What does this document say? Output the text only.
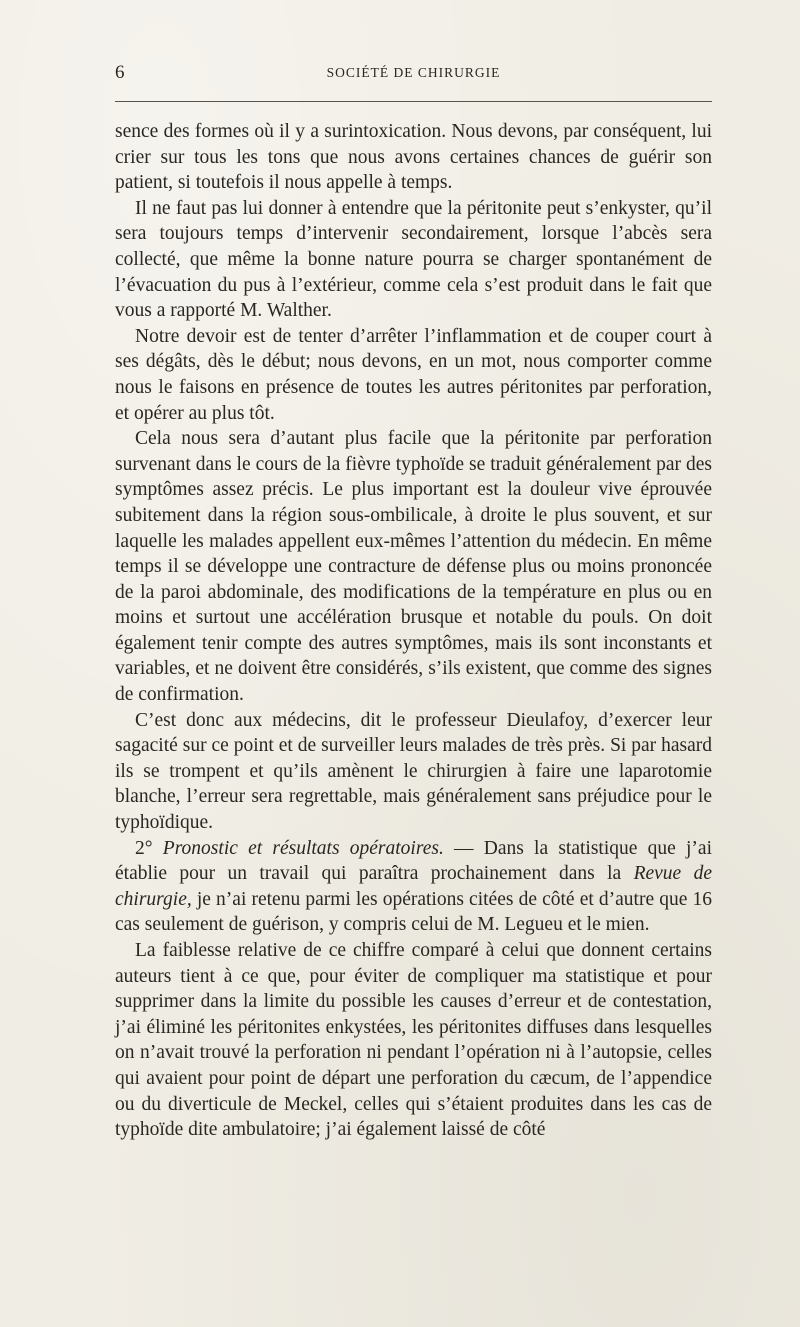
6	SOCIÉTÉ DE CHIRURGIE

sence des formes où il y a surintoxication. Nous devons, par conséquent, lui crier sur tous les tons que nous avons certaines chances de guérir son patient, si toutefois il nous appelle à temps.

Il ne faut pas lui donner à entendre que la péritonite peut s’enkyster, qu’il sera toujours temps d’intervenir secondairement, lorsque l’abcès sera collecté, que même la bonne nature pourra se charger spontanément de l’évacuation du pus à l’extérieur, comme cela s’est produit dans le fait que vous a rapporté M. Walther.

Notre devoir est de tenter d’arrêter l’inflammation et de couper court à ses dégâts, dès le début; nous devons, en un mot, nous comporter comme nous le faisons en présence de toutes les autres péritonites par perforation, et opérer au plus tôt.

Cela nous sera d’autant plus facile que la péritonite par perforation survenant dans le cours de la fièvre typhoïde se traduit généralement par des symptômes assez précis. Le plus important est la douleur vive éprouvée subitement dans la région sous-ombilicale, à droite le plus souvent, et sur laquelle les malades appellent eux-mêmes l’attention du médecin. En même temps il se développe une contracture de défense plus ou moins prononcée de la paroi abdominale, des modifications de la température en plus ou en moins et surtout une accélération brusque et notable du pouls. On doit également tenir compte des autres symptômes, mais ils sont inconstants et variables, et ne doivent être considérés, s’ils existent, que comme des signes de confirmation.

C’est donc aux médecins, dit le professeur Dieulafoy, d’exercer leur sagacité sur ce point et de surveiller leurs malades de très près. Si par hasard ils se trompent et qu’ils amènent le chirurgien à faire une laparotomie blanche, l’erreur sera regrettable, mais généralement sans préjudice pour le typhoïdique.

2° Pronostic et résultats opératoires. — Dans la statistique que j’ai établie pour un travail qui paraîtra prochainement dans la Revue de chirurgie, je n’ai retenu parmi les opérations citées de côté et d’autre que 16 cas seulement de guérison, y compris celui de M. Legueu et le mien.

La faiblesse relative de ce chiffre comparé à celui que donnent certains auteurs tient à ce que, pour éviter de compliquer ma statistique et pour supprimer dans la limite du possible les causes d’erreur et de contestation, j’ai éliminé les péritonites enkystées, les péritonites diffuses dans lesquelles on n’avait trouvé la perforation ni pendant l’opération ni à l’autopsie, celles qui avaient pour point de départ une perforation du cæcum, de l’appendice ou du diverticule de Meckel, celles qui s’étaient produites dans les cas de typhoïde dite ambulatoire; j’ai également laissé de côté
